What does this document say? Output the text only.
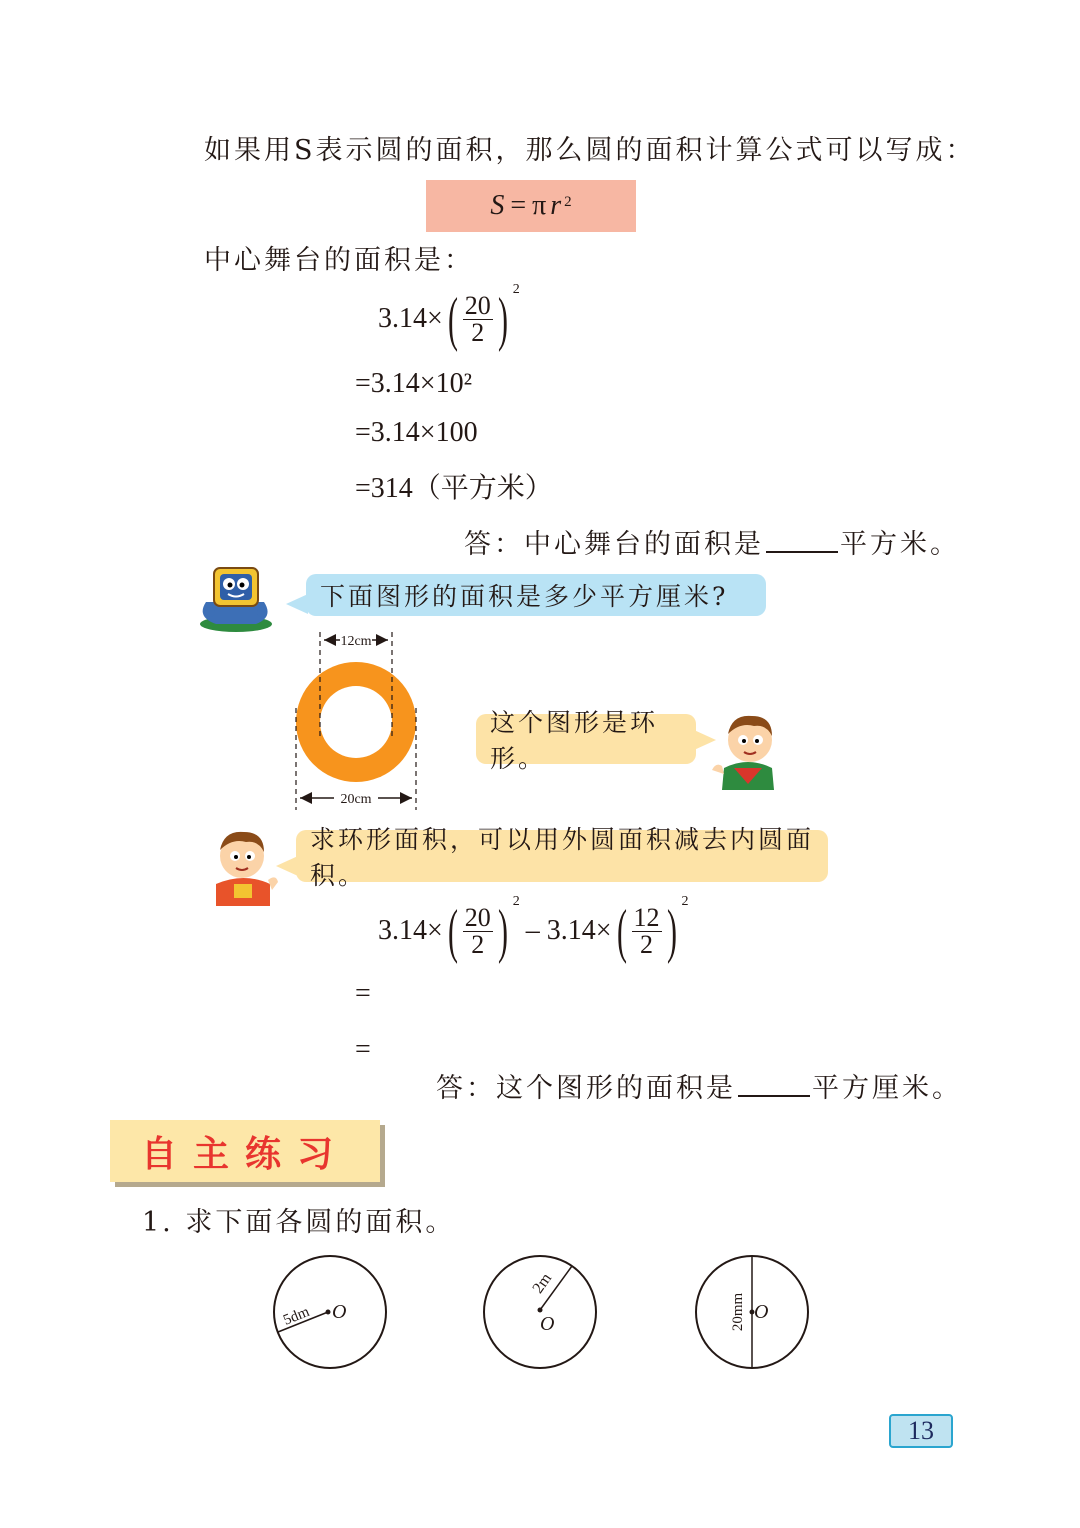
如果用S表示圆的面积，那么圆的面积计算公式可以写成：
S = π $r^2$
中心舞台的面积是：
3.14× ( $\frac{20}{2}$ ) 2
=3.14×10²
=3.14×100
=314（平方米）
答：中心舞台的面积是	平方米。
下面图形的面积是多少平方厘米?
12cm
20cm
这个图形是环形。
求环形面积，可以用外圆面积减去内圆面积。
3.14× ( $\frac{20}{2}$ ) 2
– 3.14× ( $\frac{12}{2}$ ) 2
=
=
答：这个图形的面积是	平方厘米。
自主练习
1. 求下面各圆的面积。
5dm O
2m
O	20mm O
13
